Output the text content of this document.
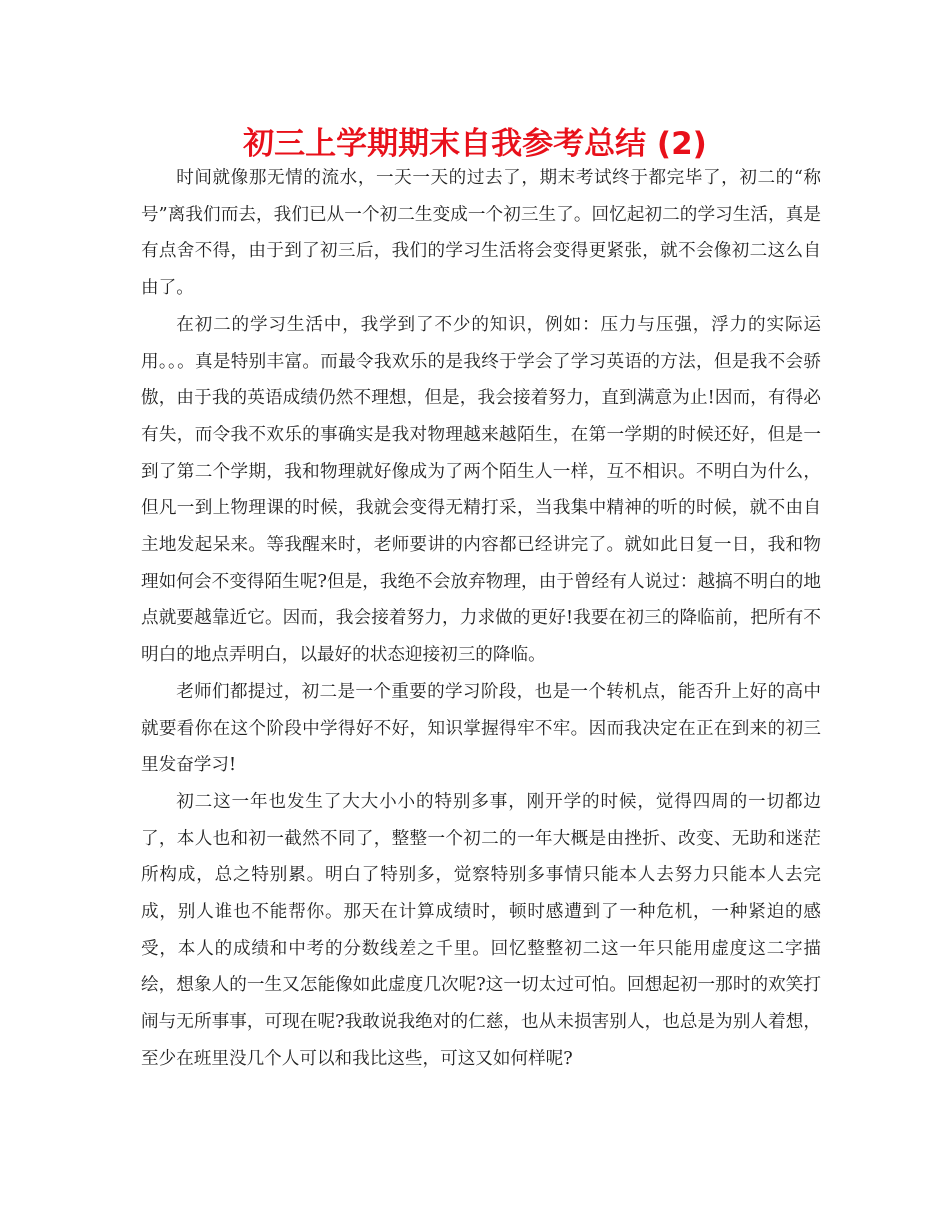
初三上学期期末自我参考总结 (2)

时间就像那无情的流水，一天一天的过去了，期末考试终于都完毕了，初二的“称号”离我们而去，我们已从一个初二生变成一个初三生了。回忆起初二的学习生活，真是有点舍不得，由于到了初三后，我们的学习生活将会变得更紧张，就不会像初二这么自由了。

在初二的学习生活中，我学到了不少的知识，例如：压力与压强，浮力的实际运用。。。真是特别丰富。而最令我欢乐的是我终于学会了学习英语的方法，但是我不会骄傲，由于我的英语成绩仍然不理想，但是，我会接着努力，直到满意为止!因而，有得必有失，而令我不欢乐的事确实是我对物理越来越陌生，在第一学期的时候还好，但是一到了第二个学期，我和物理就好像成为了两个陌生人一样，互不相识。不明白为什么，但凡一到上物理课的时候，我就会变得无精打采，当我集中精神的听的时候，就不由自主地发起呆来。等我醒来时，老师要讲的内容都已经讲完了。就如此日复一日，我和物理如何会不变得陌生呢?但是，我绝不会放弃物理，由于曾经有人说过：越搞不明白的地点就要越靠近它。因而，我会接着努力，力求做的更好!我要在初三的降临前，把所有不明白的地点弄明白，以最好的状态迎接初三的降临。

老师们都提过，初二是一个重要的学习阶段，也是一个转机点，能否升上好的高中就要看你在这个阶段中学得好不好，知识掌握得牢不牢。因而我决定在正在到来的初三里发奋学习!

初二这一年也发生了大大小小的特别多事，刚开学的时候，觉得四周的一切都边了，本人也和初一截然不同了，整整一个初二的一年大概是由挫折、改变、无助和迷茫所构成，总之特别累。明白了特别多，觉察特别多事情只能本人去努力只能本人去完成，别人谁也不能帮你。那天在计算成绩时，顿时感遭到了一种危机，一种紧迫的感受，本人的成绩和中考的分数线差之千里。回忆整整初二这一年只能用虚度这二字描绘，想象人的一生又怎能像如此虚度几次呢?这一切太过可怕。回想起初一那时的欢笑打闹与无所事事，可现在呢?我敢说我绝对的仁慈，也从未损害别人，也总是为别人着想，至少在班里没几个人可以和我比这些，可这又如何样呢?
